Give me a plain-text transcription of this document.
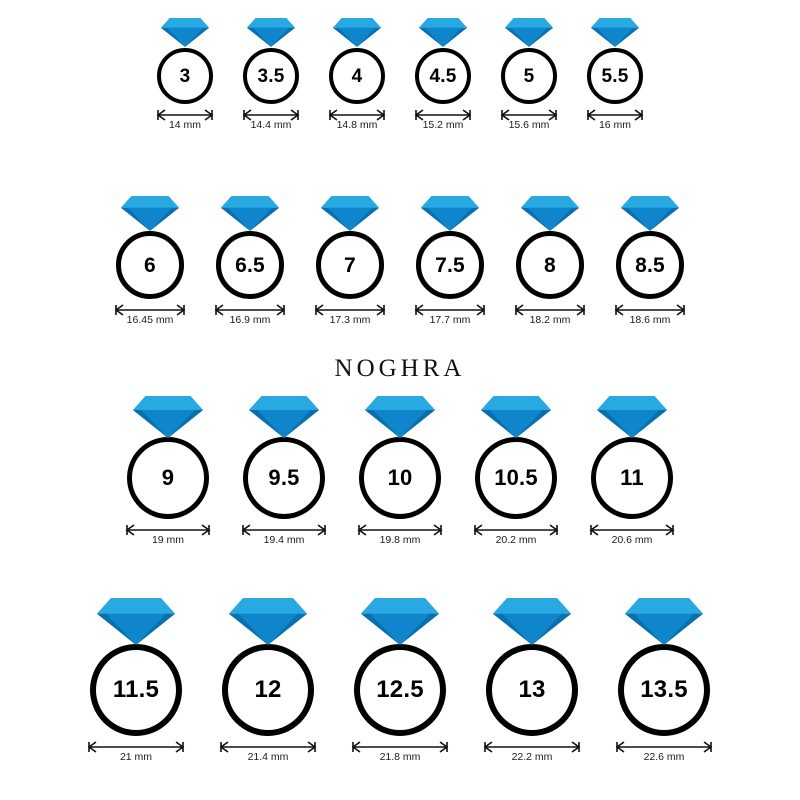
3
14 mm
3.5
14.4 mm
4
14.8 mm
4.5
15.2 mm
5
15.6 mm
5.5
16 mm
6
16.45 mm
6.5
16.9 mm
7
17.3 mm
7.5
17.7 mm
8
18.2 mm
8.5
18.6 mm
9
19 mm
9.5
19.4 mm
10
19.8 mm
10.5
20.2 mm
11
20.6 mm
11.5
21 mm
12
21.4 mm
12.5
21.8 mm
13
22.2 mm
13.5
22.6 mm
NOGHRA
